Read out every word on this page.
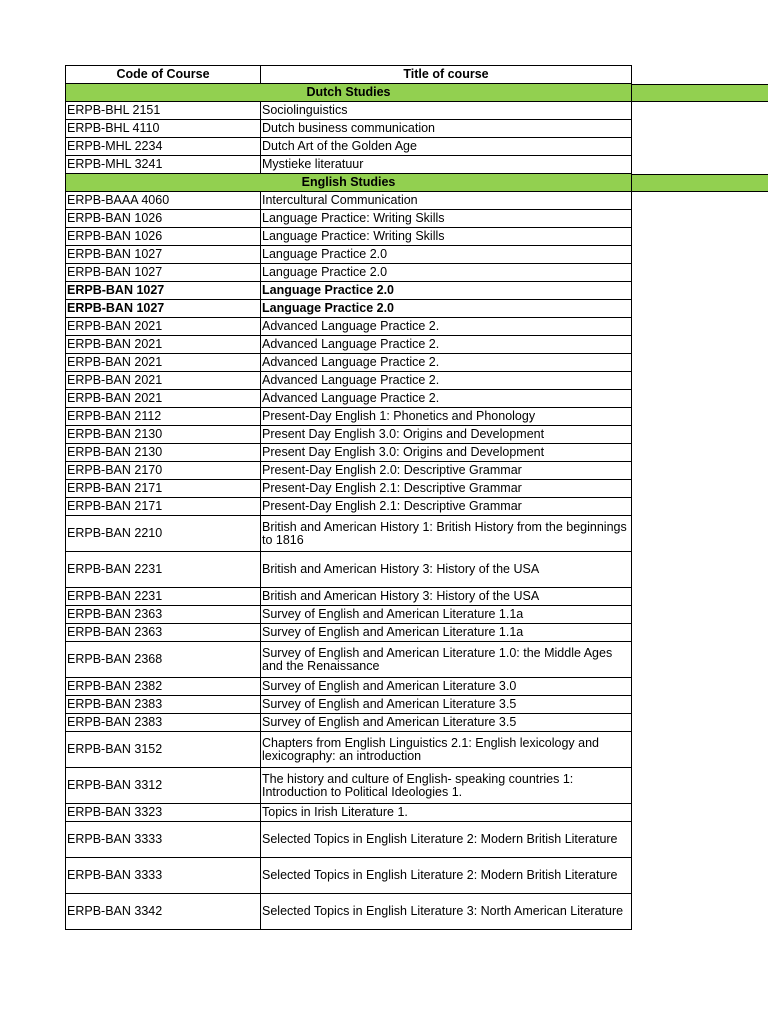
Code of Course	Title of course
Dutch Studies	
ERPB-BHL 2151	Sociolinguistics
ERPB-BHL 4110	Dutch business communication
ERPB-MHL 2234	Dutch Art of the Golden Age
ERPB-MHL 3241	Mystieke literatuur
English Studies	
ERPB-BAAA 4060	Intercultural Communication
ERPB-BAN 1026	Language Practice: Writing Skills
ERPB-BAN 1026	Language Practice: Writing Skills
ERPB-BAN 1027	Language Practice 2.0
ERPB-BAN 1027	Language Practice 2.0
ERPB-BAN 1027	Language Practice 2.0
ERPB-BAN 1027	Language Practice 2.0
ERPB-BAN 2021	Advanced Language Practice 2.
ERPB-BAN 2021	Advanced Language Practice 2.
ERPB-BAN 2021	Advanced Language Practice 2.
ERPB-BAN 2021	Advanced Language Practice 2.
ERPB-BAN 2021	Advanced Language Practice 2.
ERPB-BAN 2112	Present-Day English 1: Phonetics and Phonology
ERPB-BAN 2130	Present Day English 3.0: Origins and Development
ERPB-BAN 2130	Present Day English 3.0: Origins and Development
ERPB-BAN 2170	Present-Day English 2.0: Descriptive Grammar
ERPB-BAN 2171	Present-Day English 2.1: Descriptive Grammar
ERPB-BAN 2171	Present-Day English 2.1: Descriptive Grammar
ERPB-BAN 2210	British and American History 1: British History from the beginnings to 1816
ERPB-BAN 2231	British and American History 3: History of the USA
ERPB-BAN 2231	British and American History 3: History of the USA
ERPB-BAN 2363	Survey of English and American Literature 1.1a
ERPB-BAN 2363	Survey of English and American Literature 1.1a
ERPB-BAN 2368	Survey of English and American Literature 1.0: the Middle Ages and the Renaissance
ERPB-BAN 2382	Survey of English and American Literature 3.0
ERPB-BAN 2383	Survey of English and American Literature 3.5
ERPB-BAN 2383	Survey of English and American Literature 3.5
ERPB-BAN 3152	Chapters from English Linguistics 2.1: English lexicology and lexicography: an introduction
ERPB-BAN 3312	The history and culture of English- speaking countries 1: Introduction to Political Ideologies 1.
ERPB-BAN 3323	Topics in Irish Literature 1.
ERPB-BAN 3333	Selected Topics in English Literature 2: Modern British Literature
ERPB-BAN 3333	Selected Topics in English Literature 2: Modern British Literature
ERPB-BAN 3342	Selected Topics in English Literature 3: North American Literature
